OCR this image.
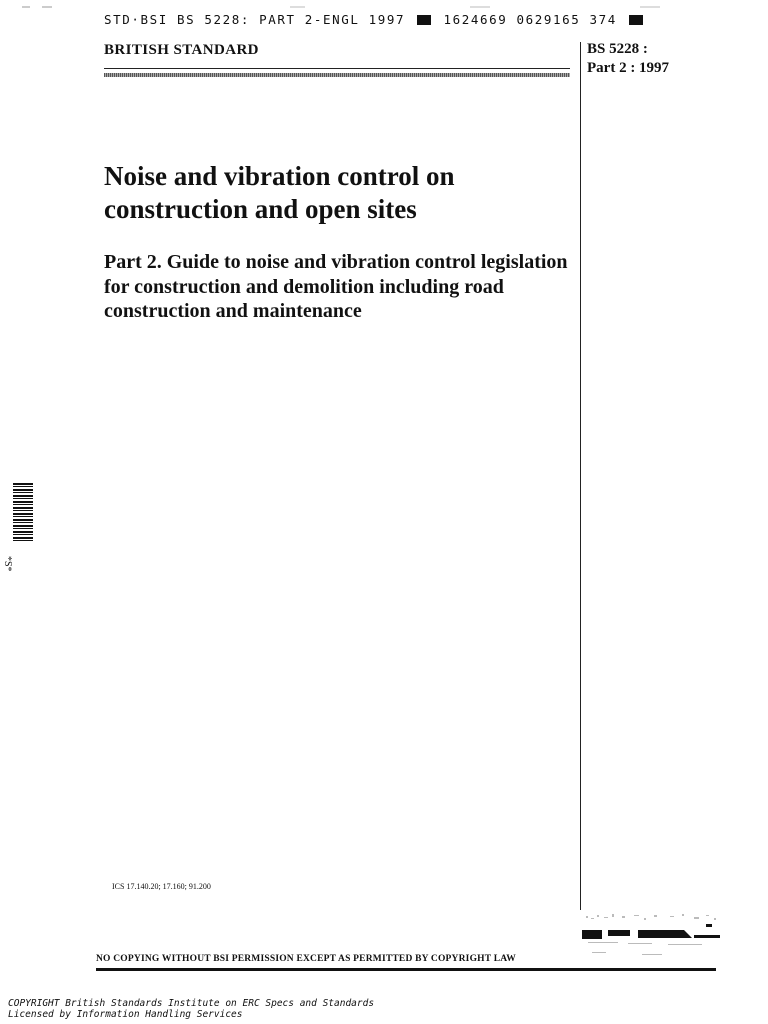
STD·BSI BS 5228: PART 2-ENGL 1997	1624669 0629165 374
BRITISH STANDARD	BS 5228 :
Part 2 : 1997
Noise and vibration control on construction and open sites
Part 2. Guide to noise and vibration control legislation for construction and demolition including road construction and maintenance
*S*
ICS 17.140.20; 17.160; 91.200
NO COPYING WITHOUT BSI PERMISSION EXCEPT AS PERMITTED BY COPYRIGHT LAW
COPYRIGHT British Standards Institute on ERC Specs and Standards
Licensed by Information Handling Services
